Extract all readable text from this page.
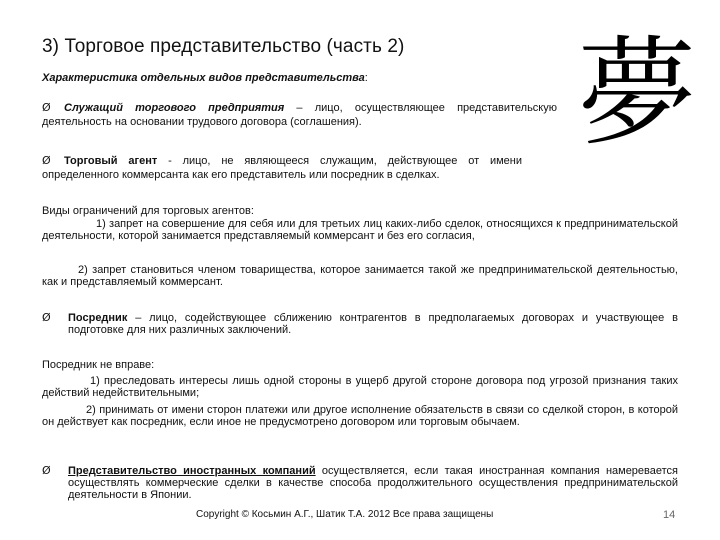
3) Торговое представительство (часть 2) 夢
Характеристика отдельных видов представительства:
Ø Служащий торгового предприятия – лицо, осуществляющее представительскую деятельность на основании трудового договора (соглашения).
Ø Торговый агент - лицо, не являющееся служащим, действующее от имени определенного коммерсанта как его представитель или посредник в сделках.
Виды ограничений для торговых агентов:
1) запрет на совершение для себя или для третьих лиц каких-либо сделок, относящихся к предпринимательской деятельности, которой занимается представляемый коммерсант и без его согласия,
2) запрет становиться членом товарищества, которое занимается такой же предпринимательской деятельностью, как и представляемый коммерсант.
Ø	Посредник – лицо, содействующее сближению контрагентов в предполагаемых договорах и участвующее в подготовке для них различных заключений.
Посредник не вправе:
1) преследовать интересы лишь одной стороны в ущерб другой стороне договора под угрозой признания таких действий недействительными;
2) принимать от имени сторон платежи или другое исполнение обязательств в связи со сделкой сторон, в которой он действует как посредник, если иное не предусмотрено договором или торговым обычаем.
Ø	Представительство иностранных компаний осуществляется, если такая иностранная компания намеревается осуществлять коммерческие сделки в качестве способа продолжительного осуществления предпринимательской деятельности в Японии.
Copyright © Косьмин А.Г., Шатик Т.А. 2012 Все права защищены	14
